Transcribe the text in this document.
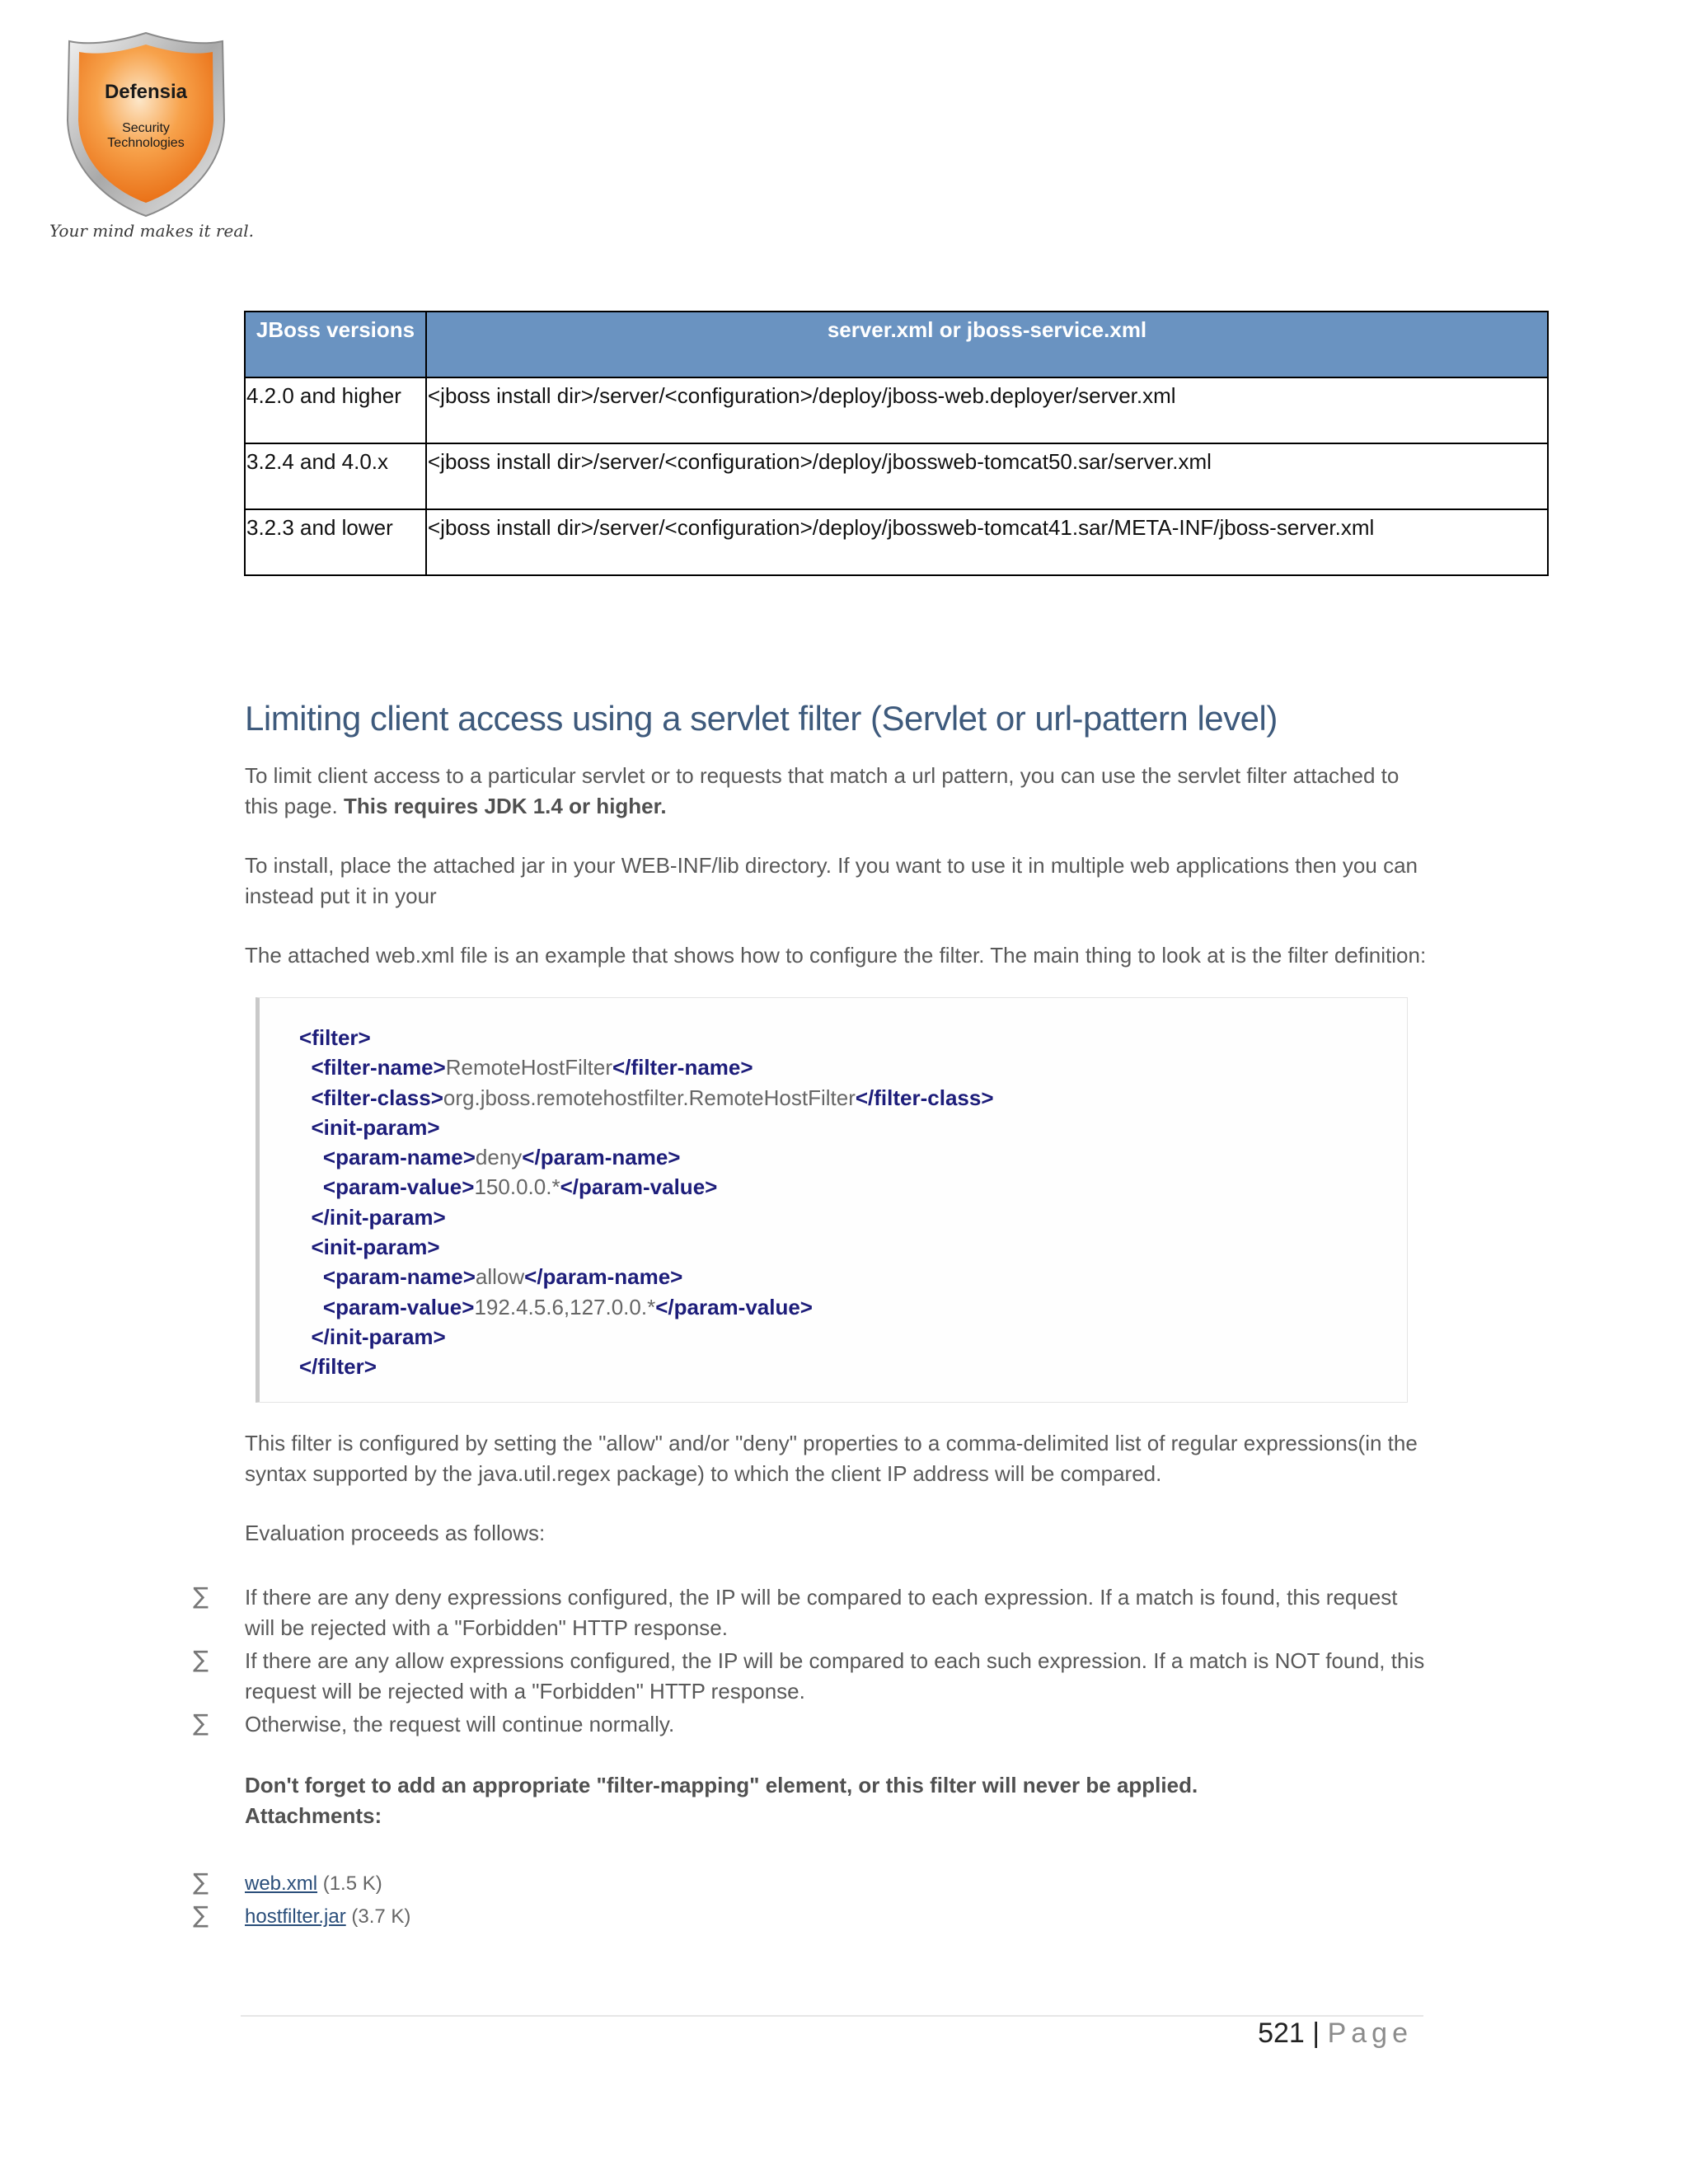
Defensia
Security
Technologies
Your mind makes it real.
JBoss versions	server.xml or jboss-service.xml
4.2.0 and higher	<jboss install dir>/server/<configuration>/deploy/jboss-web.deployer/server.xml
3.2.4 and 4.0.x	<jboss install dir>/server/<configuration>/deploy/jbossweb-tomcat50.sar/server.xml
3.2.3 and lower	<jboss install dir>/server/<configuration>/deploy/jbossweb-tomcat41.sar/META-INF/jboss-server.xml
Limiting client access using a servlet filter (Servlet or url-pattern level)

To limit client access to a particular servlet or to requests that match a url pattern, you can use the servlet filter attached to this page. This requires JDK 1.4 or higher.

To install, place the attached jar in your WEB-INF/lib directory. If you want to use it in multiple web applications then you can instead put it in your

The attached web.xml file is an example that shows how to configure the filter. The main thing to look at is the filter definition:

<filter>
<filter-name>RemoteHostFilter</filter-name>
<filter-class>org.jboss.remotehostfilter.RemoteHostFilter</filter-class>
<init-param>
<param-name>deny</param-name>
<param-value>150.0.0.*</param-value>
</init-param>
<init-param>
<param-name>allow</param-name>
<param-value>192.4.5.6,127.0.0.*</param-value>
</init-param>
</filter>

This filter is configured by setting the "allow" and/or "deny" properties to a comma-delimited list of regular expressions(in the syntax supported by the java.util.regex package) to which the client IP address will be compared.

Evaluation proceeds as follows:

∑ If there are any deny expressions configured, the IP will be compared to each expression. If a match is found, this request will be rejected with a "Forbidden" HTTP response.

∑ If there are any allow expressions configured, the IP will be compared to each such expression. If a match is NOT found, this request will be rejected with a "Forbidden" HTTP response.

∑ Otherwise, the request will continue normally.

Don't forget to add an appropriate "filter-mapping" element, or this filter will never be applied.
Attachments:

∑ web.xml (1.5 K)

∑ hostfilter.jar (3.7 K)

521 | Page
